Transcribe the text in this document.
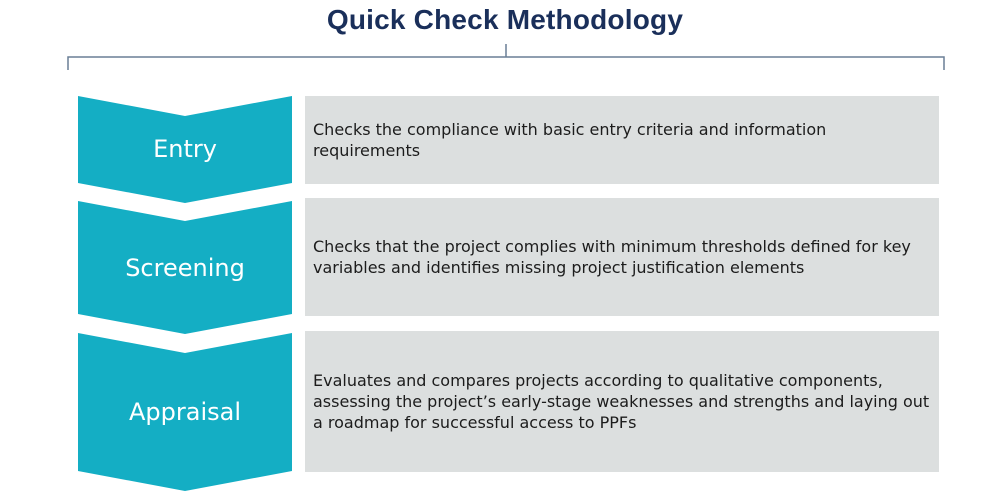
Quick Check Methodology
Entry
Checks the compliance with basic entry criteria and information requirements
Screening
Checks that the project complies with minimum thresholds defined for key variables and identifies missing project justification elements
Appraisal
Evaluates and compares projects according to qualitative components, assessing the project’s early-stage weaknesses and strengths and laying out a roadmap for successful access to PPFs
